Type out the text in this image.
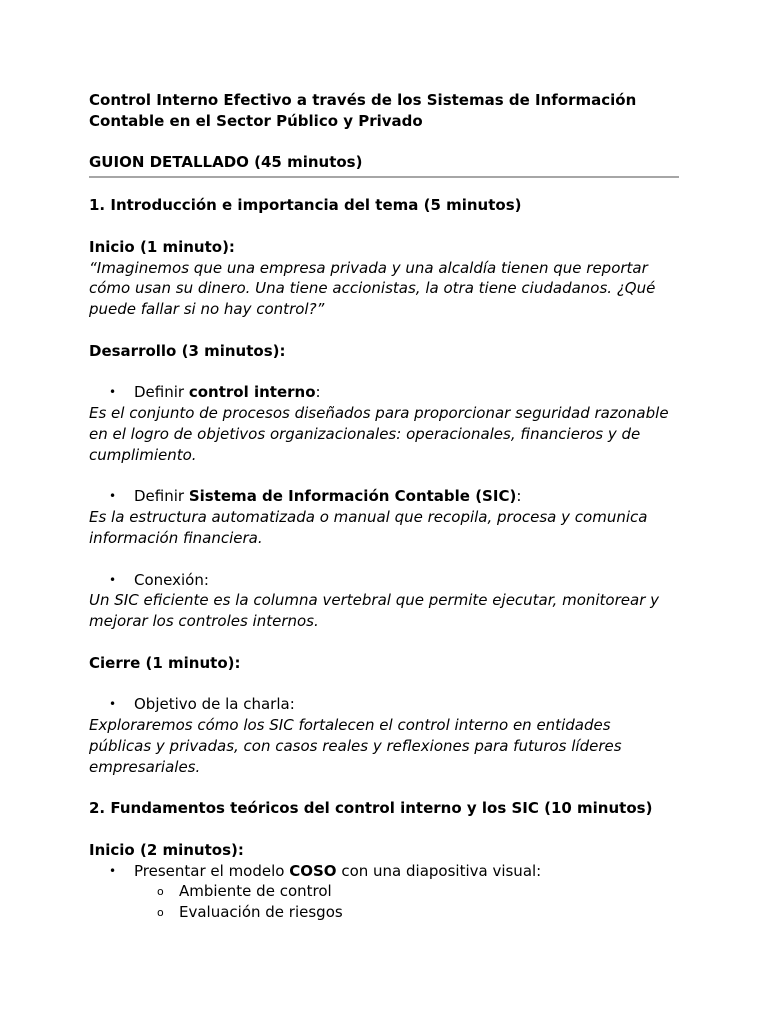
Control Interno Efectivo a través de los Sistemas de Información

Contable en el Sector Público y Privado

GUION DETALLADO (45 minutos)

1. Introducción e importancia del tema (5 minutos)

Inicio (1 minuto):

“Imaginemos que una empresa privada y una alcaldía tienen que reportar

cómo usan su dinero. Una tiene accionistas, la otra tiene ciudadanos. ¿Qué

puede fallar si no hay control?”

Desarrollo (3 minutos):

• Definir control interno:

Es el conjunto de procesos diseñados para proporcionar seguridad razonable

en el logro de objetivos organizacionales: operacionales, financieros y de

cumplimiento.

• Definir Sistema de Información Contable (SIC):

Es la estructura automatizada o manual que recopila, procesa y comunica

información financiera.

• Conexión:

Un SIC eficiente es la columna vertebral que permite ejecutar, monitorear y

mejorar los controles internos.

Cierre (1 minuto):

• Objetivo de la charla:

Exploraremos cómo los SIC fortalecen el control interno en entidades

públicas y privadas, con casos reales y reflexiones para futuros líderes

empresariales.

2. Fundamentos teóricos del control interno y los SIC (10 minutos)

Inicio (2 minutos):

• Presentar el modelo COSO con una diapositiva visual:

o Ambiente de control

o Evaluación de riesgos
